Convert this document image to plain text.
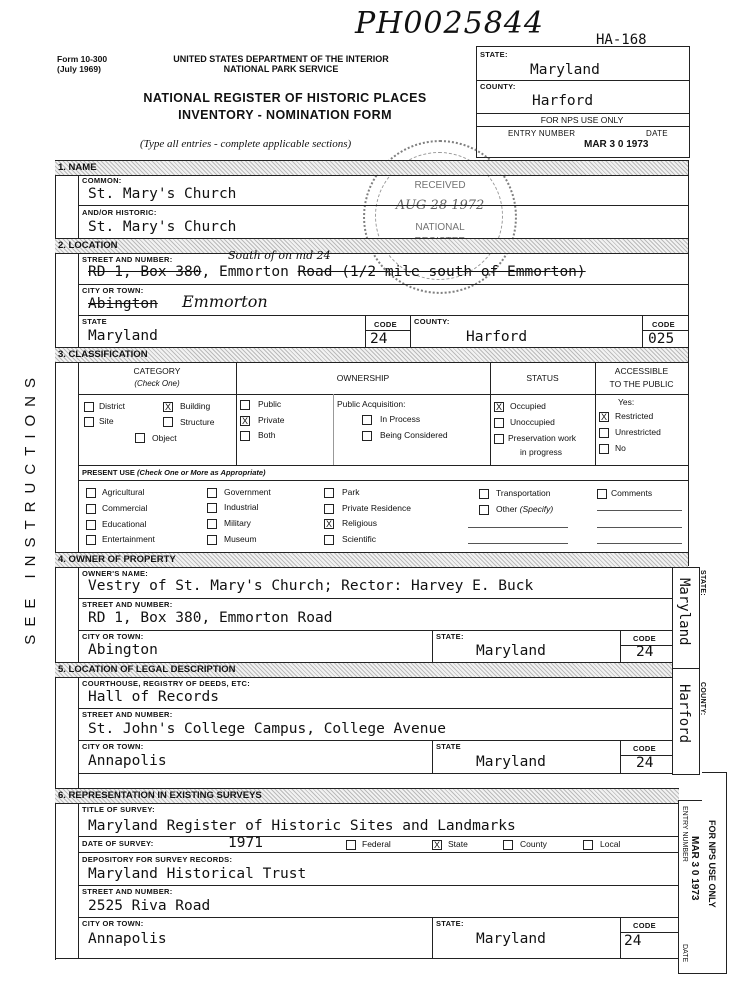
PH0025844	HA-168
Form 10-300
(July 1969)
UNITED STATES DEPARTMENT OF THE INTERIOR
NATIONAL PARK SERVICE
NATIONAL REGISTER OF HISTORIC PLACES
INVENTORY - NOMINATION FORM
(Type all entries - complete applicable sections)
STATE:
Maryland
COUNTY:
Harford
FOR NPS USE ONLY
ENTRY NUMBER	DATE
MAR 3 0 1973
RECEIVED
AUG 28 1972
NATIONAL
SEE INSTRUCTIONS
1. NAME
COMMON:
St. Mary's Church
AND/OR HISTORIC:
St. Mary's Church
2. LOCATION
STREET AND NUMBER:	South of on md 24
RD 1, Box 380, Emmorton Road (1/2 mile south of Emmorton)
CITY OR TOWN:
Abington Emmorton
STATE
Maryland
CODE
24
COUNTY:
Harford
CODE
025
3. CLASSIFICATION
CATEGORY
(Check One)
OWNERSHIP	STATUS
ACCESSIBLE
TO THE PUBLIC
District	X Building
Site	Structure
Object
Public
X Private
Both
Public Acquisition:
In Process
Being Considered
X Occupied
Unoccupied
Preservation work
in progress
Yes:
X Restricted
Unrestricted
No
PRESENT USE (Check One or More as Appropriate)
Agricultural
Commercial
Educational
Entertainment
Government
Industrial
Military
Museum
Park
Private Residence
X Religious
Scientific
Transportation
Other (Specify)
Comments
4. OWNER OF PROPERTY
OWNER'S NAME:
Vestry of St. Mary's Church; Rector: Harvey E. Buck
STREET AND NUMBER:
RD 1, Box 380, Emmorton Road
CITY OR TOWN:
Abington
STATE:
Maryland
CODE
24
STATE:
Maryland
COUNTY:
Harford
5. LOCATION OF LEGAL DESCRIPTION
COURTHOUSE, REGISTRY OF DEEDS, ETC:
Hall of Records
STREET AND NUMBER:
St. John's College Campus, College Avenue
CITY OR TOWN:
Annapolis
STATE
Maryland
CODE
24
6. REPRESENTATION IN EXISTING SURVEYS
TITLE OF SURVEY:
Maryland Register of Historic Sites and Landmarks
DATE OF SURVEY:	1971	Federal	X State	County	Local
DEPOSITORY FOR SURVEY RECORDS:
Maryland Historical Trust
STREET AND NUMBER:
2525 Riva Road
CITY OR TOWN:
Annapolis
STATE:
Maryland
CODE
24
FOR NPS USE ONLY
ENTRY NUMBER
MAR 3 0 1973
DATE
